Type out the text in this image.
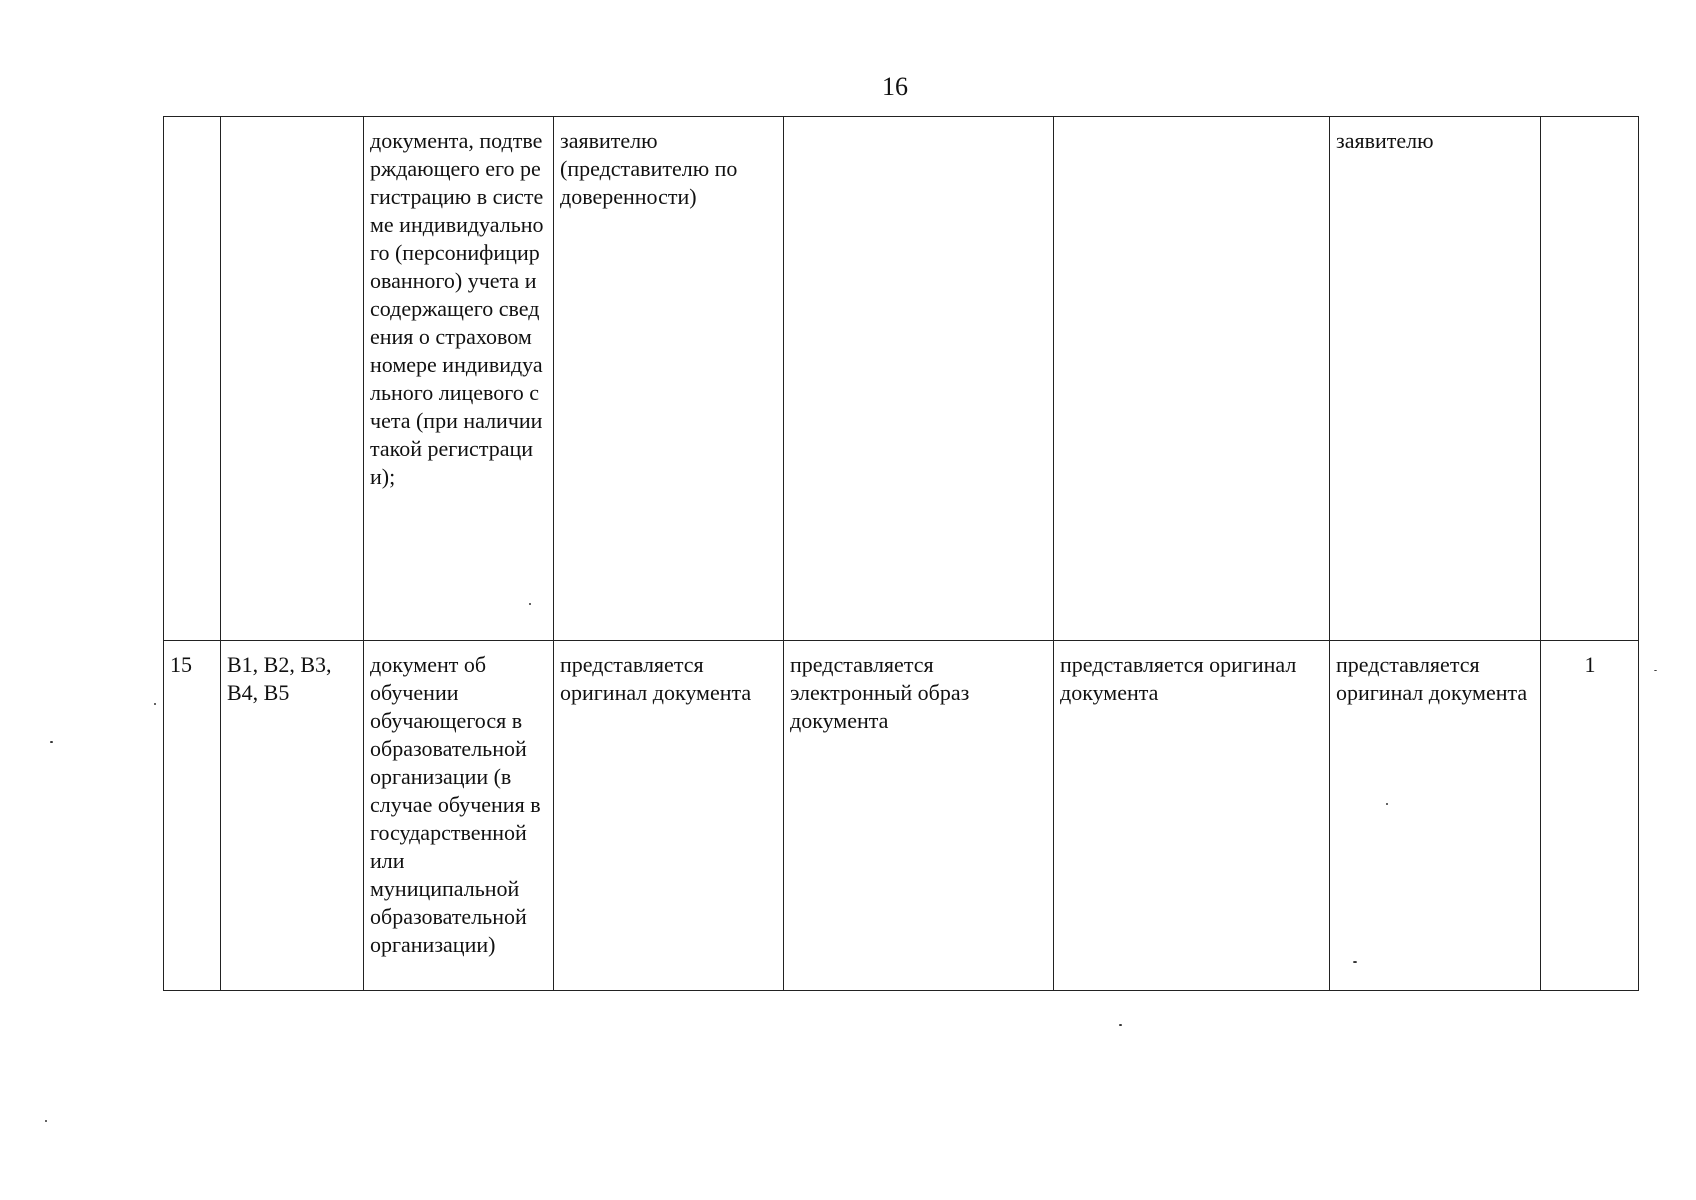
16
		документа, подтверждающего его регистрацию в системе индивидуального (персонифицированного) учета и содержащего сведения о страховом номере индивидуального лицевого счета (при наличии такой регистрации);	заявителю (представителю по доверенности)			заявителю	
15	B1, B2, B3, B4, B5	документ об обучении обучающегося в образовательной организации (в случае обучения в государственной или муниципальной образовательной организации)	представляется оригинал документа	представляется электронный образ документа	представляется оригинал документа	представляется оригинал документа	1
